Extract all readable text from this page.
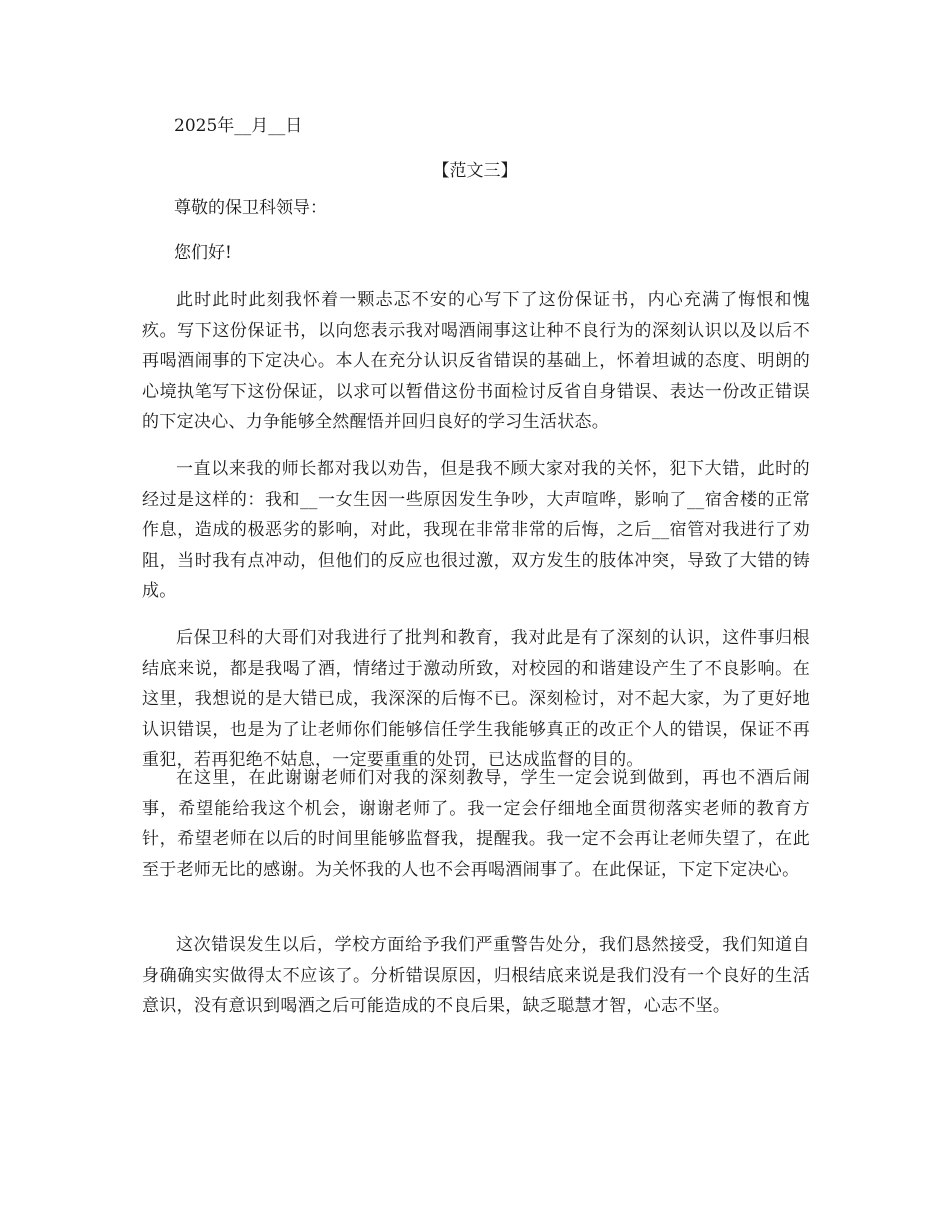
2025年__月__日

【范文三】

尊敬的保卫科领导：

您们好!

此时此时此刻我怀着一颗忐忑不安的心写下了这份保证书，内心充满了悔恨和愧疚。写下这份保证书，以向您表示我对喝酒闹事这让种不良行为的深刻认识以及以后不再喝酒闹事的下定决心。本人在充分认识反省错误的基础上，怀着坦诚的态度、明朗的心境执笔写下这份保证，以求可以暂借这份书面检讨反省自身错误、表达一份改正错误的下定决心、力争能够全然醒悟并回归良好的学习生活状态。

一直以来我的师长都对我以劝告，但是我不顾大家对我的关怀，犯下大错，此时的经过是这样的：我和__一女生因一些原因发生争吵，大声喧哗，影响了__宿舍楼的正常作息，造成的极恶劣的影响，对此，我现在非常非常的后悔，之后__宿管对我进行了劝阻，当时我有点冲动，但他们的反应也很过激，双方发生的肢体冲突，导致了大错的铸成。

后保卫科的大哥们对我进行了批判和教育，我对此是有了深刻的认识，这件事归根结底来说，都是我喝了酒，情绪过于激动所致，对校园的和谐建设产生了不良影响。在这里，我想说的是大错已成，我深深的后悔不已。深刻检讨，对不起大家，为了更好地认识错误，也是为了让老师你们能够信任学生我能够真正的改正个人的错误，保证不再重犯，若再犯绝不姑息，一定要重重的处罚，已达成监督的目的。

在这里，在此谢谢老师们对我的深刻教导，学生一定会说到做到，再也不酒后闹事，希望能给我这个机会，谢谢老师了。我一定会仔细地全面贯彻落实老师的教育方针，希望老师在以后的时间里能够监督我，提醒我。我一定不会再让老师失望了，在此至于老师无比的感谢。为关怀我的人也不会再喝酒闹事了。在此保证，下定下定决心。

这次错误发生以后，学校方面给予我们严重警告处分，我们恳然接受，我们知道自身确确实实做得太不应该了。分析错误原因，归根结底来说是我们没有一个良好的生活意识，没有意识到喝酒之后可能造成的不良后果，缺乏聪慧才智，心志不坚。
